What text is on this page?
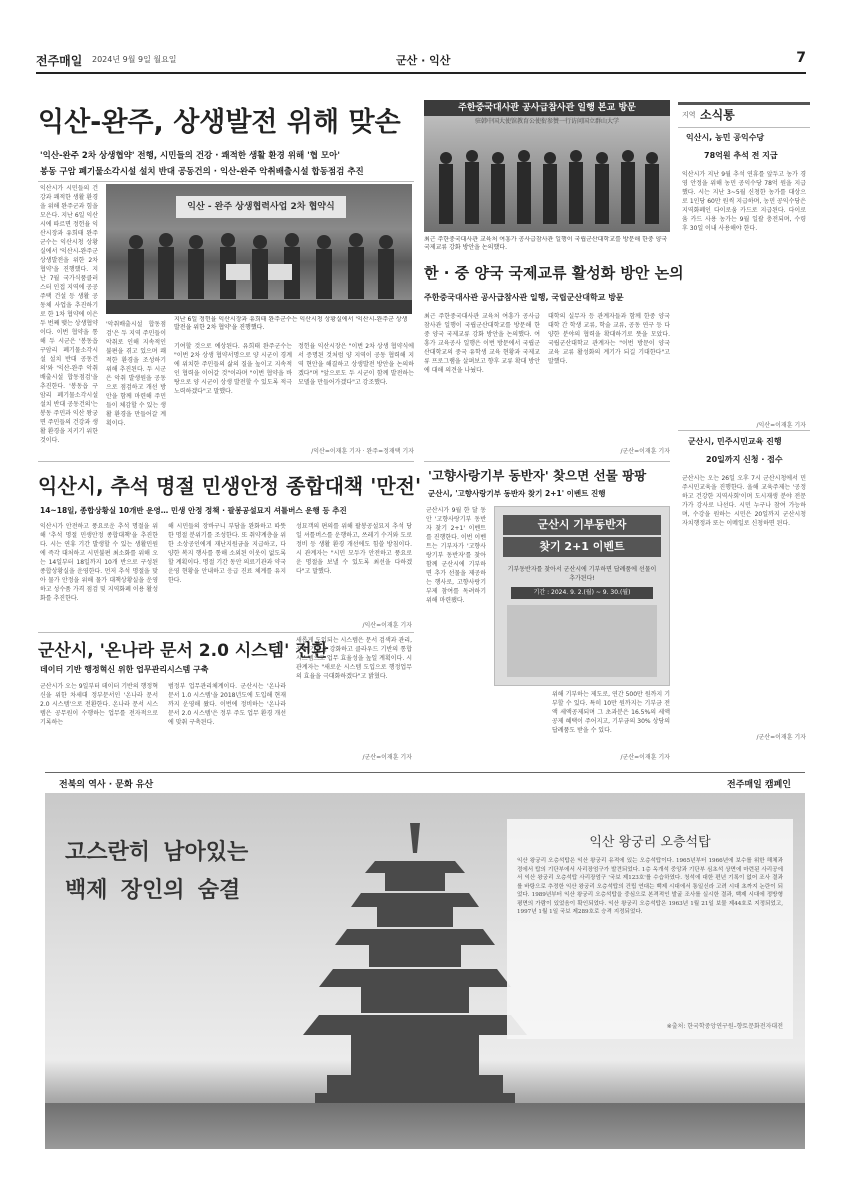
전주매일 2024년 9월 9일 월요일	군산 · 익산	7
익산-완주, 상생발전 위해 맞손
'익산-완주 2차 상생협약' 전행, 시민들의 건강 · 쾌적한 생활 환경 위해 '협 모아'
봉동 구암 폐기물소각시설 설치 반대 공동건의 · 익산-완주 악취배출시설 합동점검 추진
익산시가 시민들의 건강과 쾌적한 생활 환경을 위해 완주군과 힘을 모은다. 지난 6일 익산시에 따르면 정헌율 익산시장과 유희태 완주군수는 익산시청 상황실에서 '익산시-완주군 상생발전을 위한 2차 협약'을 진행했다. 지난 7월 국가식품클러스터 인접 지역에 공공주택 건설 등 생활 공동체 사업을 추진하기로 한 1차 협약에 이은 두 번째 맺는 상생협약이다. 이번 협약을 통해 두 시군은 '봉동읍 구암리 폐기물소각시설 설치 반대 공동건의'와 '익산-완주 악취배출시설 합동점검'을 추진한다. '봉동읍 구암리 폐기물소각시설 설치 반대 공동건의'는 봉동 주민과 익산 왕궁면 주민들의 건강과 생활 환경을 지키기 위한 것이다.
익산 - 완주 상생협력사업 2차 협약식
지난 6일 정헌율 익산시장과 유희태 완주군수는 익산시청 상황실에서 '익산시-완주군 상생발전을 위한 2차 협약'을 진행했다.
'악취배출시설 합동점검'은 두 지역 주민들이 악취로 인해 지속적인 불편을 겪고 있으며 쾌적한 환경을 조성하기 위해 추진된다. 두 시군은 악취 발생원을 공동으로 점검하고 개선 방안을 함께 마련해 주민들이 체감할 수 있는 생활 환경을 만들어갈 계획이다.
기여할 것으로 예상된다. 유희태 완주군수는 "이번 2차 상생 협약서명으로 양 시군이 경계에 위치한 주민들의 삶의 질을 높이고 지속적인 협력을 이어갈 것"이라며 "이번 협약을 바탕으로 양 시군이 상생 발전할 수 있도록 적극 노력하겠다"고 말했다.
정헌율 익산시장은 "이번 2차 상생 협약식에서 증명된 것처럼 양 지역이 공동 협력해 지역 현안을 해결하고 상생발전 방안을 논의하겠다"며 "앞으로도 두 시군이 함께 발전하는 모델을 만들어가겠다"고 강조했다.
/익산=이재훈 기자 · 완주=정재택 기자
주한중국대사관 공사급참사관 일행 본교 방문
驻韩中国大使馆教育公使衔参赞一行访问国立群山大学
최근 주한중국대사관 교육처 여흥가 공사급참사관 일행이 국립군산대학교를 방문해 한중 양국 국제교류 강화 방안을 논의했다.
한 · 중 양국 국제교류 활성화 방안 논의
주한중국대사관 공사급참사관 일행, 국립군산대학교 방문
최근 주한중국대사관 교육처 여흥가 공사급참사관 일행이 국립군산대학교를 방문해 한중 양국 국제교류 강화 방안을 논의했다. 여흥가 교육공사 일행은 이번 방문에서 국립군산대학교의 중국 유학생 교육 현황과 국제교류 프로그램을 살펴보고 향후 교류 확대 방안에 대해 의견을 나눴다.
대학의 실무자 등 관계자들과 함께 한중 양국 대학 간 학생 교류, 학술 교류, 공동 연구 등 다양한 분야의 협력을 확대하기로 뜻을 모았다. 국립군산대학교 관계자는 "이번 방문이 양국 교육 교류 활성화의 계기가 되길 기대한다"고 말했다.
/군산=이재훈 기자
익산시, 추석 명절 민생안정 종합대책 '만전'
14~18일, 종합상황실 10개반 운영… 민생 안정 정책 · 팔봉공설묘지 셔틀버스 운행 등 추진
익산시가 안전하고 풍요로운 추석 명절을 위해 '추석 명절 민생안정 종합대책'을 추진한다. 시는 연휴 기간 발생할 수 있는 생활민원에 즉각 대처하고 시민불편 최소화를 위해 오는 14일부터 18일까지 10개 반으로 구성된 종합상황실을 운영한다. 먼저 추석 명절을 맞아 물가 안정을 위해 물가 대책상황실을 운영하고 성수품 가격 점검 및 지역화폐 이용 활성화를 추진한다.
해 시민들의 장바구니 부담을 완화하고 따뜻한 명절 분위기를 조성한다. 또 취약계층을 위한 소상공인에게 재난지원금을 지급하고, 다양한 복지 행사를 통해 소외된 이웃이 없도록 할 계획이다. 명절 기간 동안 의료기관과 약국 운영 현황을 안내하고 응급 진료 체계를 유지한다.
성묘객의 편의를 위해 팔봉공설묘지 추석 당일 셔틀버스를 운행하고, 쓰레기 수거와 도로 정비 등 생활 환경 개선에도 힘쓸 방침이다. 시 관계자는 "시민 모두가 안전하고 풍요로운 명절을 보낼 수 있도록 최선을 다하겠다"고 말했다.
/익산=이재훈 기자
군산시, '온나라 문서 2.0 시스템' 전환
데이터 기반 행정혁신 위한 업무관리시스템 구축
군산시가 오는 9일부터 데이터 기반의 행정혁신을 위한 차세대 정부문서인 '온나라 문서 2.0 시스템'으로 전환한다. 온나라 문서 시스템은 공무원이 수행하는 업무를 전자적으로 기록하는
범정부 업무관리체계이다. 군산시는 '온나라 문서 1.0 시스템'을 2018년도에 도입해 현재까지 운영해 왔다. 이번에 정비하는 '온나라 문서 2.0 시스템'은 정부 주도 업무 환경 개선에 맞춰 구축된다.
새롭게 도입되는 시스템은 문서 검색과 관리, 공유 기능을 강화하고 클라우드 기반의 통합 시스템으로 업무 효율성을 높일 계획이다. 시 관계자는 "새로운 시스템 도입으로 행정업무의 효율을 극대화하겠다"고 밝혔다.
/군산=이재훈 기자
'고향사랑기부 동반자' 찾으면 선물 팡팡
군산시, '고향사랑기부 동반자 찾기 2+1' 이벤트 진행
군산시가 9월 한 달 동안 '고향사랑기부 동반자 찾기 2+1' 이벤트를 진행한다. 이번 이벤트는 기부자가 '고향사랑기부 동반자'를 찾아 함께 군산시에 기부하면 추가 선물을 제공하는 행사로, 고향사랑기부제 참여를 독려하기 위해 마련됐다.
군산시 기부동반자
찾기 2+1 이벤트
기부동반자를 찾아서 군산시에 기부하면 답례품에 선물이 추가된다!
기간 : 2024. 9. 2.(월) ~ 9. 30.(월)
위해 기부하는 제도로, 연간 500만 원까지 기부할 수 있다. 특히 10만 원까지는 기부금 전액 세액공제되며 그 초과분은 16.5%의 세액공제 혜택이 주어지고, 기부금의 30% 상당의 답례품도 받을 수 있다.
/군산=이재훈 기자
지역 소식통
익산시, 농민 공익수당
78억원 추석 전 지급
익산시가 지난 9월 추석 연휴를 앞두고 농가 경영 안정을 위해 농민 공익수당 78억 원을 지급했다. 시는 지난 3~5월 신청한 농가를 대상으로 1인당 60만 원씩 지급하며, 농민 공익수당은 지역화폐인 다이로움 카드로 지급된다. 다이로움 카드 사용 농가는 9월 일괄 충전되며, 수령 후 30일 이내 사용해야 한다.
/익산=이재훈 기자
군산시, 민주시민교육 진행
20일까지 신청 · 접수
군산시는 오는 26일 오후 7시 군산시청에서 민주시민교육을 진행한다. 올해 교육주제는 '공정하고 건강한 지역사회'이며 도시재생 분야 전문가가 강사로 나선다. 시민 누구나 참여 가능하며, 수강을 원하는 시민은 20일까지 군산시청 자치행정과 또는 이메일로 신청하면 된다.
/군산=이재훈 기자
전북의 역사 · 문화 유산	전주매일 캠페인
고스란히 남아있는
백제 장인의 숨결
익산 왕궁리 오층석탑
익산 왕궁리 오층석탑은 익산 왕궁리 유적에 있는 오층석탑이다. 1965년부터 1966년에 보수를 위한 해체과정에서 탑의 기단부에서 사리장엄구가 발견되었다. 1층 옥개석 중앙과 기단부 심초석 상면에 마련된 사리공에서 익산 왕궁리 오층석탑 사리장엄구 '국보 제123호'를 수습하였다. 청석에 대한 편년 기록이 없어 조사 결과를 바탕으로 추정한 익산 왕궁리 오층석탑의 건립 연대는 백제 시대에서 통일신라 고려 시대 초까지 논란이 되었다. 1989년부터 익산 왕궁리 오층석탑을 중심으로 본격적인 발굴 조사를 실시한 결과, 백제 시대에 정방형 평면의 가람이 있었음이 확인되었다. 익산 왕궁리 오층석탑은 1963년 1월 21일 보물 제44호로 지정되었고, 1997년 1월 1일 국보 제289호로 승격 지정되었다.
※출처: 한국학중앙연구원–향토문화전자대전
